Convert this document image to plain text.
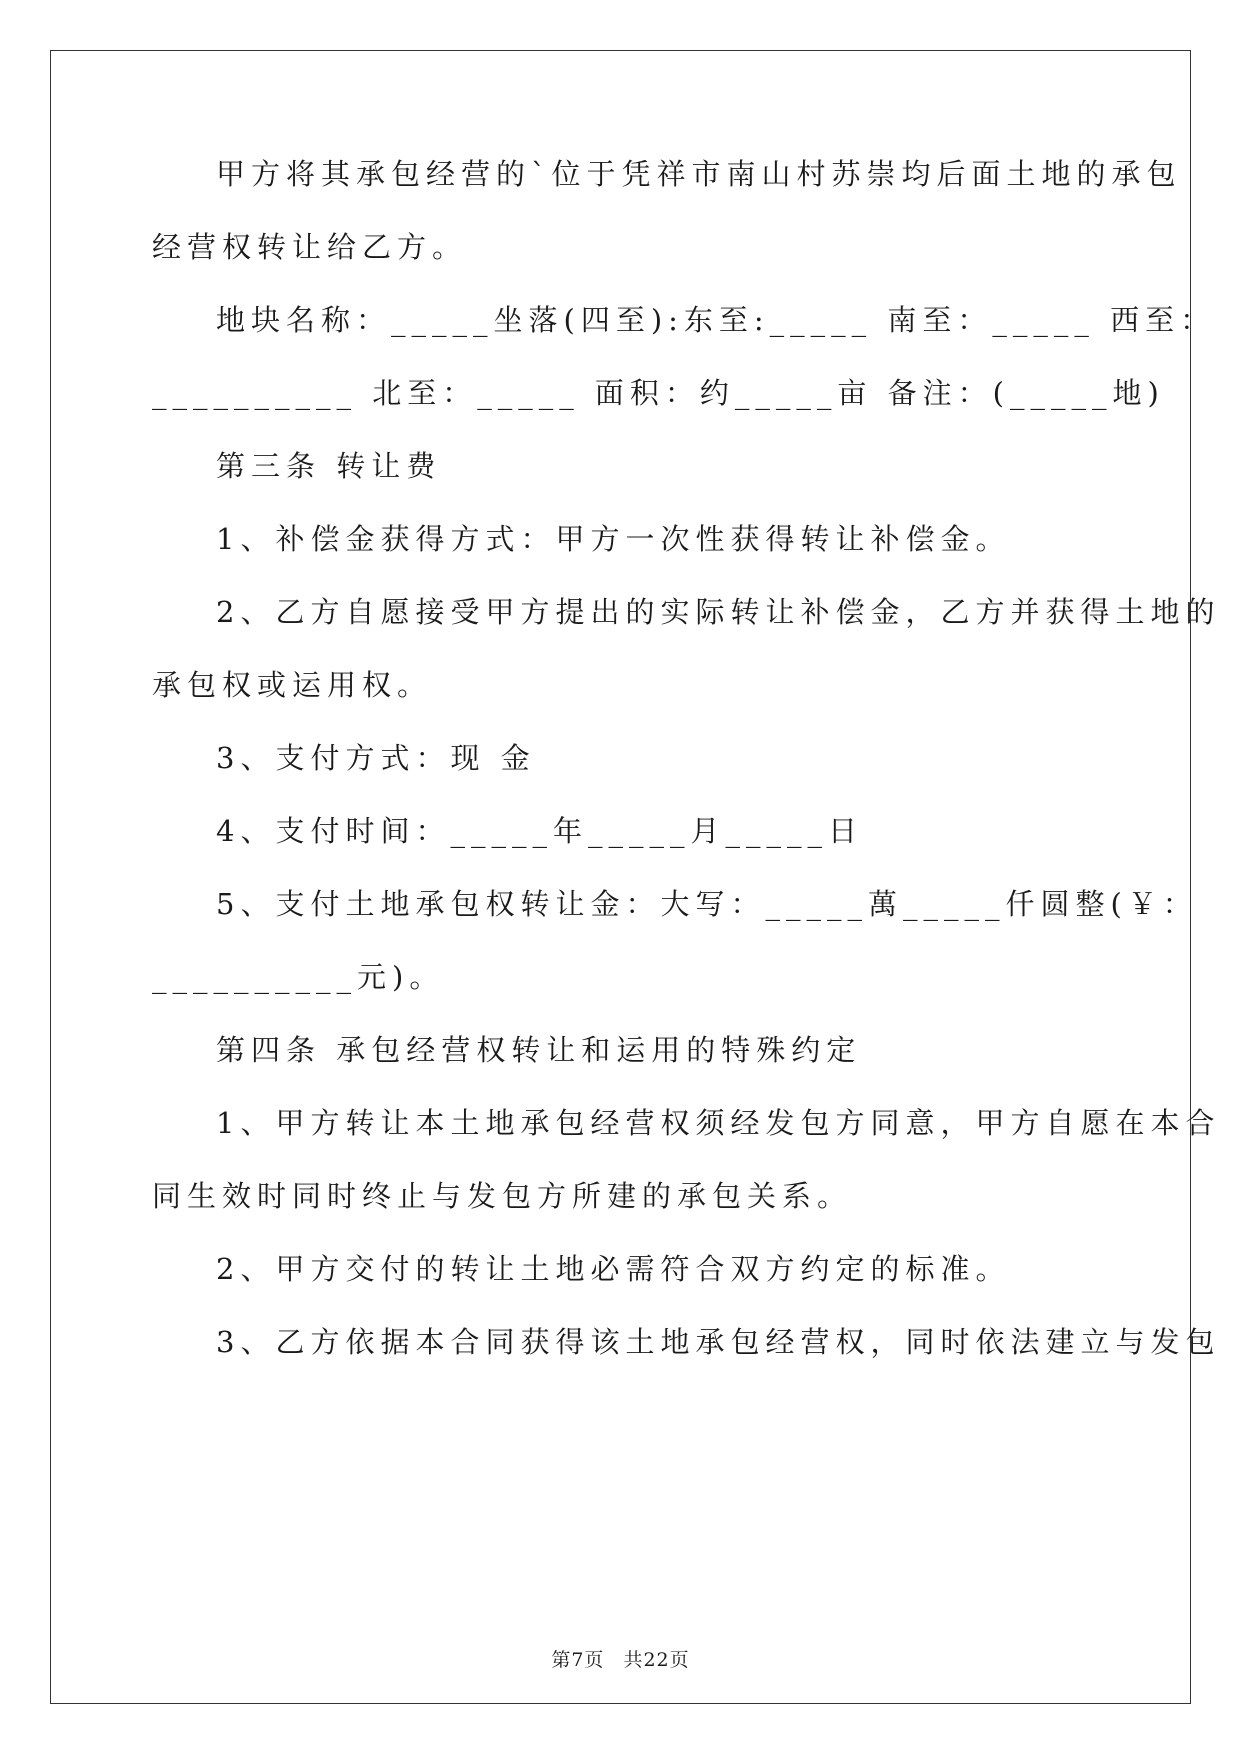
甲方将其承包经营的`位于凭祥市南山村苏崇均后面土地的承包

经营权转让给乙方。

地块名称：_____坐落(四至):东至:_____ 南至：_____ 西至：

__________ 北至：_____ 面积：约_____亩 备注：(_____地)

第三条 转让费

1、补偿金获得方式：甲方一次性获得转让补偿金。

2、乙方自愿接受甲方提出的实际转让补偿金，乙方并获得土地的

承包权或运用权。

3、支付方式：现 金

4、支付时间：_____年_____月_____日

5、支付土地承包权转让金：大写：_____萬_____仟圆整(￥：

__________元)。

第四条 承包经营权转让和运用的特殊约定

1、甲方转让本土地承包经营权须经发包方同意，甲方自愿在本合

同生效时同时终止与发包方所建的承包关系。

2、甲方交付的转让土地必需符合双方约定的标准。

3、乙方依据本合同获得该土地承包经营权，同时依法建立与发包

第7页 共22页
